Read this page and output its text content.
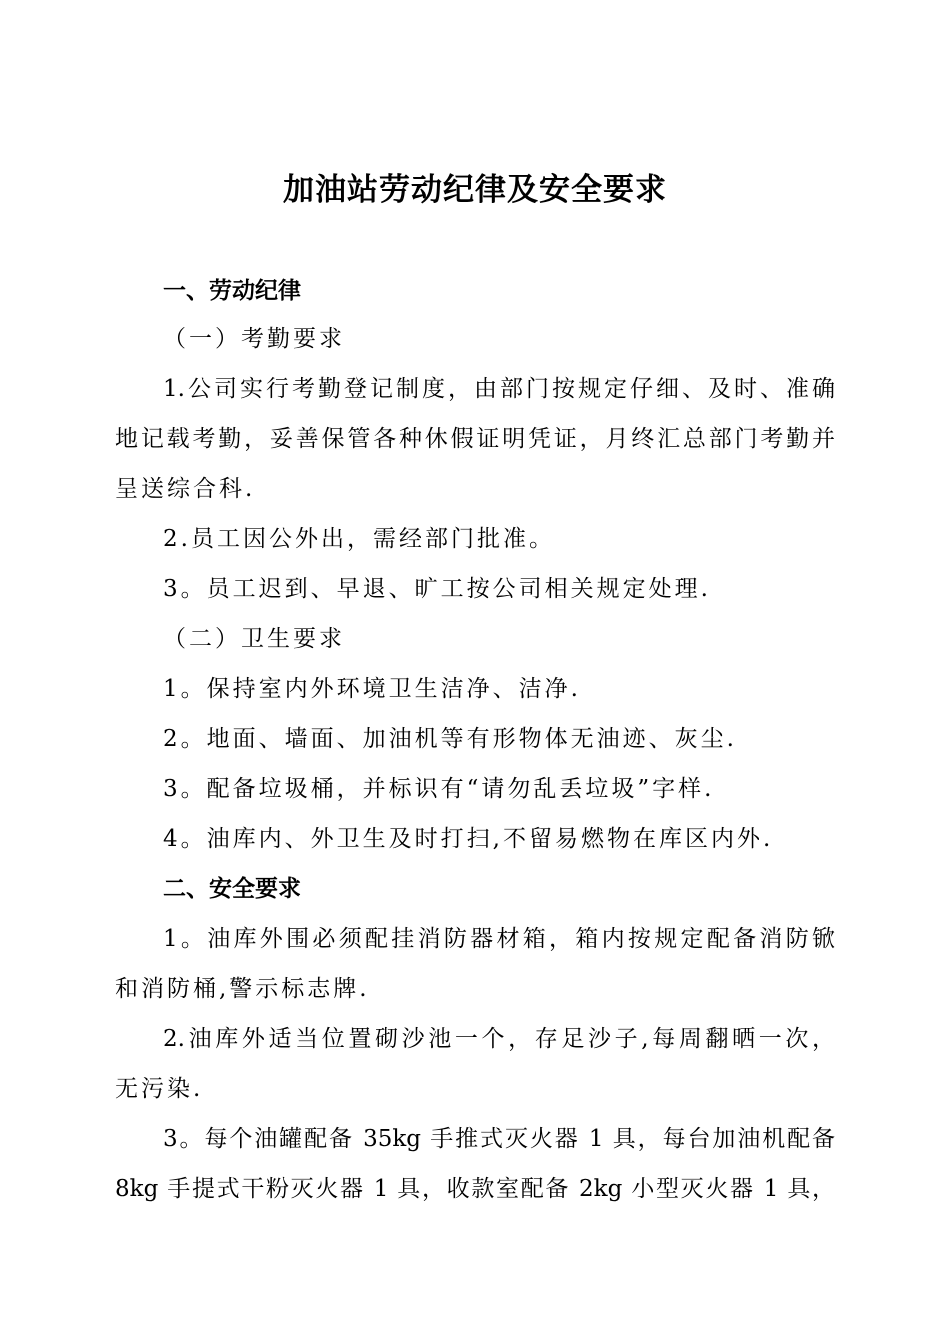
加油站劳动纪律及安全要求
一、劳动纪律
（一）考勤要求
1.公司实行考勤登记制度，由部门按规定仔细、及时、准确
地记载考勤，妥善保管各种休假证明凭证，月终汇总部门考勤并
呈送综合科.
2.员工因公外出，需经部门批准。
3。员工迟到、早退、旷工按公司相关规定处理.
（二）卫生要求
1。保持室内外环境卫生洁净、洁净.
2。地面、墙面、加油机等有形物体无油迹、灰尘.
3。配备垃圾桶，并标识有“请勿乱丢垃圾”字样.
4。油库内、外卫生及时打扫,不留易燃物在库区内外.
二、安全要求
1。油库外围必须配挂消防器材箱，箱内按规定配备消防锨
和消防桶,警示标志牌.
2.油库外适当位置砌沙池一个，存足沙子,每周翻晒一次，
无污染.
3。每个油罐配备 35kg 手推式灭火器 1 具，每台加油机配备
8kg 手提式干粉灭火器 1 具，收款室配备 2kg 小型灭火器 1 具，
